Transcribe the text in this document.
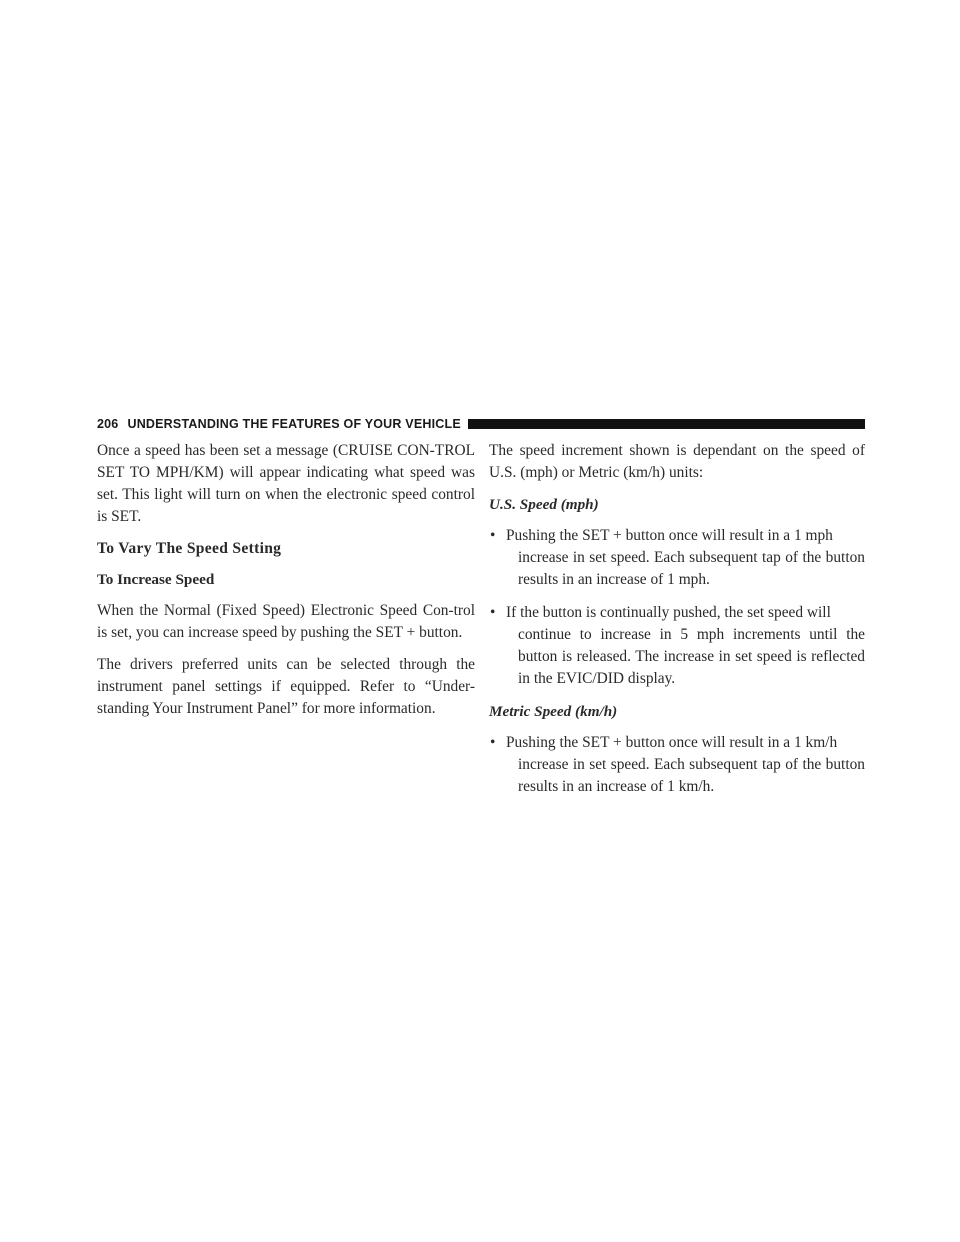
206 UNDERSTANDING THE FEATURES OF YOUR VEHICLE

Once a speed has been set a message (CRUISE CON-TROL SET TO MPH/KM) will appear indicating what speed was set. This light will turn on when the electronic speed control is SET.

To Vary The Speed Setting
To Increase Speed

When the Normal (Fixed Speed) Electronic Speed Con-trol is set, you can increase speed by pushing the SET + button.

The drivers preferred units can be selected through the instrument panel settings if equipped. Refer to “Under-standing Your Instrument Panel” for more information.

The speed increment shown is dependant on the speed of U.S. (mph) or Metric (km/h) units:

U.S. Speed (mph)
• Pushing the SET + button once will result in a 1 mph
increase in set speed. Each subsequent tap of the button results in an increase of 1 mph.
• If the button is continually pushed, the set speed will
continue to increase in 5 mph increments until the button is released. The increase in set speed is reflected in the EVIC/DID display.
Metric Speed (km/h)
• Pushing the SET + button once will result in a 1 km/h
increase in set speed. Each subsequent tap of the button results in an increase of 1 km/h.
